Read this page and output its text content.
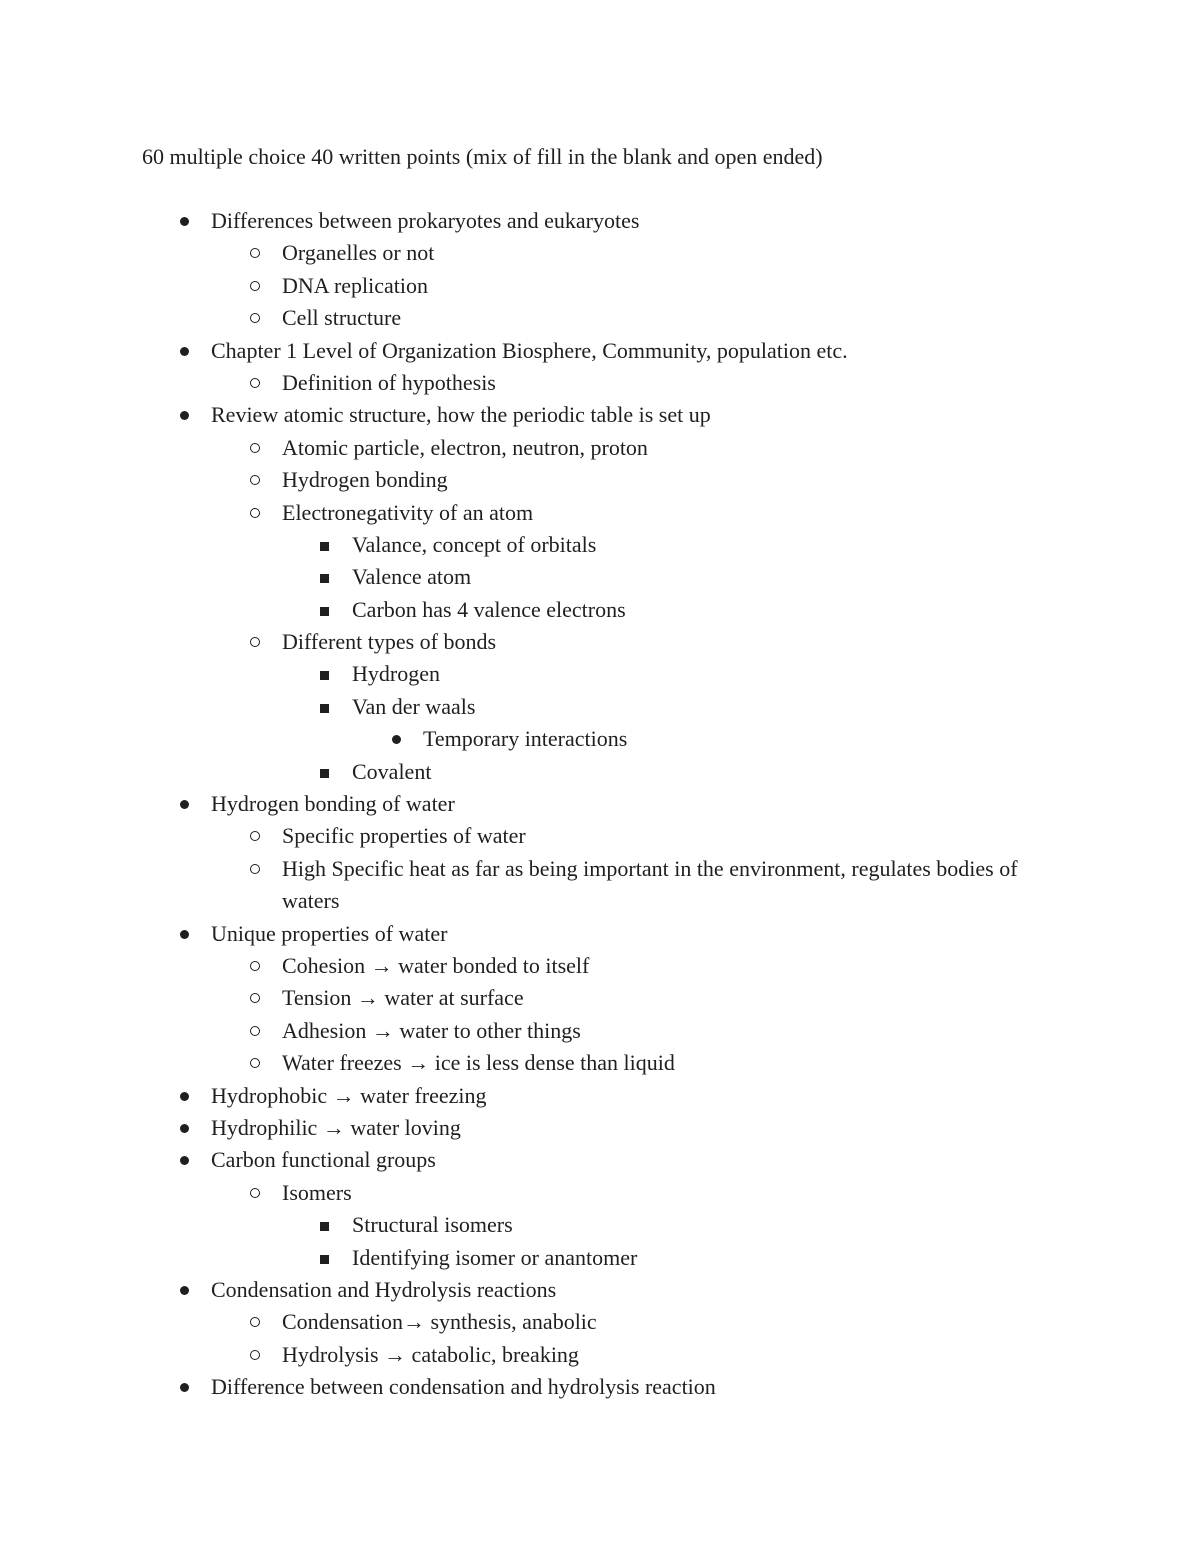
60 multiple choice 40 written points (mix of fill in the blank and open ended)
Differences between prokaryotes and eukaryotes
Organelles or not
DNA replication
Cell structure
Chapter 1 Level of Organization Biosphere, Community, population etc.
Definition of hypothesis
Review atomic structure, how the periodic table is set up
Atomic particle, electron, neutron, proton
Hydrogen bonding
Electronegativity of an atom
Valance, concept of orbitals
Valence atom
Carbon has 4 valence electrons
Different types of bonds
Hydrogen
Van der waals
Temporary interactions
Covalent
Hydrogen bonding of water
Specific properties of water
High Specific heat as far as being important in the environment, regulates bodies of waters
Unique properties of water
Cohesion → water bonded to itself
Tension → water at surface
Adhesion → water to other things
Water freezes → ice is less dense than liquid
Hydrophobic → water freezing
Hydrophilic → water loving
Carbon functional groups
Isomers
Structural isomers
Identifying isomer or anantomer
Condensation and Hydrolysis reactions
Condensation→ synthesis, anabolic
Hydrolysis → catabolic, breaking
Difference between condensation and hydrolysis reaction
